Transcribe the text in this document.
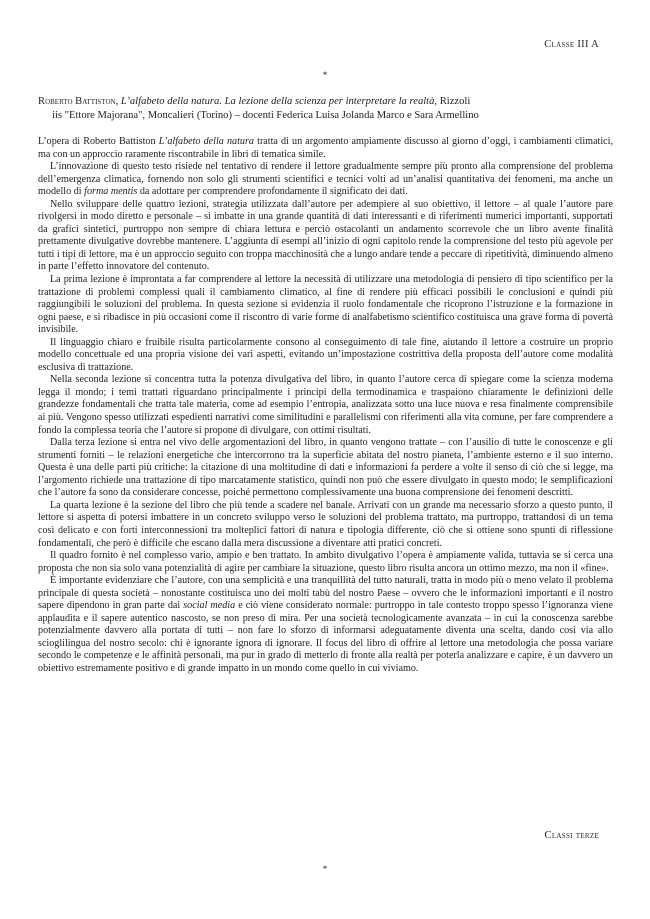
Classe III A
*
Roberto Battiston, L’alfabeto della natura. La lezione della scienza per interpretare la realtà, Rizzoli
iis "Ettore Majorana", Moncalieri (Torino) – docenti Federica Luisa Jolanda Marco e Sara Armellino

L’opera di Roberto Battiston L’alfabeto della natura tratta di un argomento ampiamente discusso al giorno d’oggi, i cambiamenti climatici, ma con un approccio raramente riscontrabile in libri di tematica simile.

L’innovazione di questo testo risiede nel tentativo di rendere il lettore gradualmente sempre più pronto alla comprensione del problema dell’emergenza climatica, fornendo non solo gli strumenti scientifici e tecnici volti ad un’analisi quantitativa dei fenomeni, ma anche un modello di forma mentis da adottare per comprendere profondamente il significato dei dati.

Nello sviluppare delle quattro lezioni, strategia utilizzata dall’autore per adempiere al suo obiettivo, il lettore – al quale l’autore pare rivolgersi in modo diretto e personale – si imbatte in una grande quantità di dati interessanti e di riferimenti numerici importanti, supportati da grafici sintetici, purtroppo non sempre di chiara lettura e perciò ostacolanti un andamento scorrevole che un libro avente finalità prettamente divulgative dovrebbe mantenere. L’aggiunta di esempi all’inizio di ogni capitolo rende la comprensione del testo più agevole per tutti i tipi di lettore, ma è un approccio seguito con troppa macchinosità che a lungo andare tende a peccare di ripetitività, diminuendo almeno in parte l’effetto innovatore del contenuto.

La prima lezione è improntata a far comprendere al lettore la necessità di utilizzare una metodologia di pensiero di tipo scientifico per la trattazione di problemi complessi quali il cambiamento climatico, al fine di rendere più efficaci possibili le conclusioni e quindi più raggiungibili le soluzioni del problema. In questa sezione si evidenzia il ruolo fondamentale che ricoprono l’istruzione e la formazione in ogni paese, e si ribadisce in più occasioni come il riscontro di varie forme di analfabetismo scientifico costituisca una grave forma di povertà invisibile.

Il linguaggio chiaro e fruibile risulta particolarmente consono al conseguimento di tale fine, aiutando il lettore a costruire un proprio modello concettuale ed una propria visione dei vari aspetti, evitando un’impostazione costrittiva della proposta dell’autore come modalità esclusiva di trattazione.

Nella seconda lezione si concentra tutta la potenza divulgativa del libro, in quanto l’autore cerca di spiegare come la scienza moderna legga il mondo; i temi trattati riguardano principalmente i principi della termodinamica e traspaiono chiaramente le definizioni delle grandezze fondamentali che tratta tale materia, come ad esempio l’entropia, analizzata sotto una luce nuova e resa finalmente comprensibile ai più. Vengono spesso utilizzati espedienti narrativi come similitudini e parallelismi con riferimenti alla vita comune, per fare comprendere a fondo la complessa teoria che l’autore si propone di divulgare, con ottimi risultati.

Dalla terza lezione si entra nel vivo delle argomentazioni del libro, in quanto vengono trattate – con l’ausilio di tutte le conoscenze e gli strumenti forniti – le relazioni energetiche che intercorrono tra la superficie abitata del nostro pianeta, l’ambiente esterno e il suo interno. Questa è una delle parti più critiche: la citazione di una moltitudine di dati e informazioni fa perdere a volte il senso di ciò che si legge, ma l’argomento richiede una trattazione di tipo marcatamente statistico, quindi non può che essere divulgato in questo modo; le semplificazioni che l’autore fa sono da considerare concesse, poiché permettono complessivamente una buona comprensione dei fenomeni descritti.

La quarta lezione è la sezione del libro che più tende a scadere nel banale. Arrivati con un grande ma necessario sforzo a questo punto, il lettore si aspetta di potersi imbattere in un concreto sviluppo verso le soluzioni del problema trattato, ma purtroppo, trattandosi di un tema così delicato e con forti interconnessioni tra molteplici fattori di natura e tipologia differente, ciò che si ottiene sono spunti di riflessione fondamentali, che però è difficile che escano dalla mera discussione a diventare atti pratici concreti.

Il quadro fornito è nel complesso vario, ampio e ben trattato. In ambito divulgativo l’opera è ampiamente valida, tuttavia se si cerca una proposta che non sia solo vana potenzialità di agire per cambiare la situazione, questo libro risulta ancora un ottimo mezzo, ma non il «fine».

È importante evidenziare che l’autore, con una semplicità e una tranquillità del tutto naturali, tratta in modo più o meno velato il problema principale di questa società – nonostante costituisca uno dei molti tabù del nostro Paese – ovvero che le informazioni importanti e il nostro sapere dipendono in gran parte dai social media e ciò viene considerato normale: purtroppo in tale contesto troppo spesso l’ignoranza viene applaudita e il sapere autentico nascosto, se non preso di mira. Per una società tecnologicamente avanzata – in cui la conoscenza sarebbe potenzialmente davvero alla portata di tutti – non fare lo sforzo di informarsi adeguatamente diventa una scelta, dando così via allo scioglilingua del nostro secolo: chi è ignorante ignora di ignorare. Il focus del libro di offrire al lettore una metodologia che possa variare secondo le competenze e le affinità personali, ma pur in grado di metterlo di fronte alla realtà per poterla analizzare e capire, è un davvero un obiettivo estremamente positivo e di grande impatto in un mondo come quello in cui viviamo.

Classi terze
*
